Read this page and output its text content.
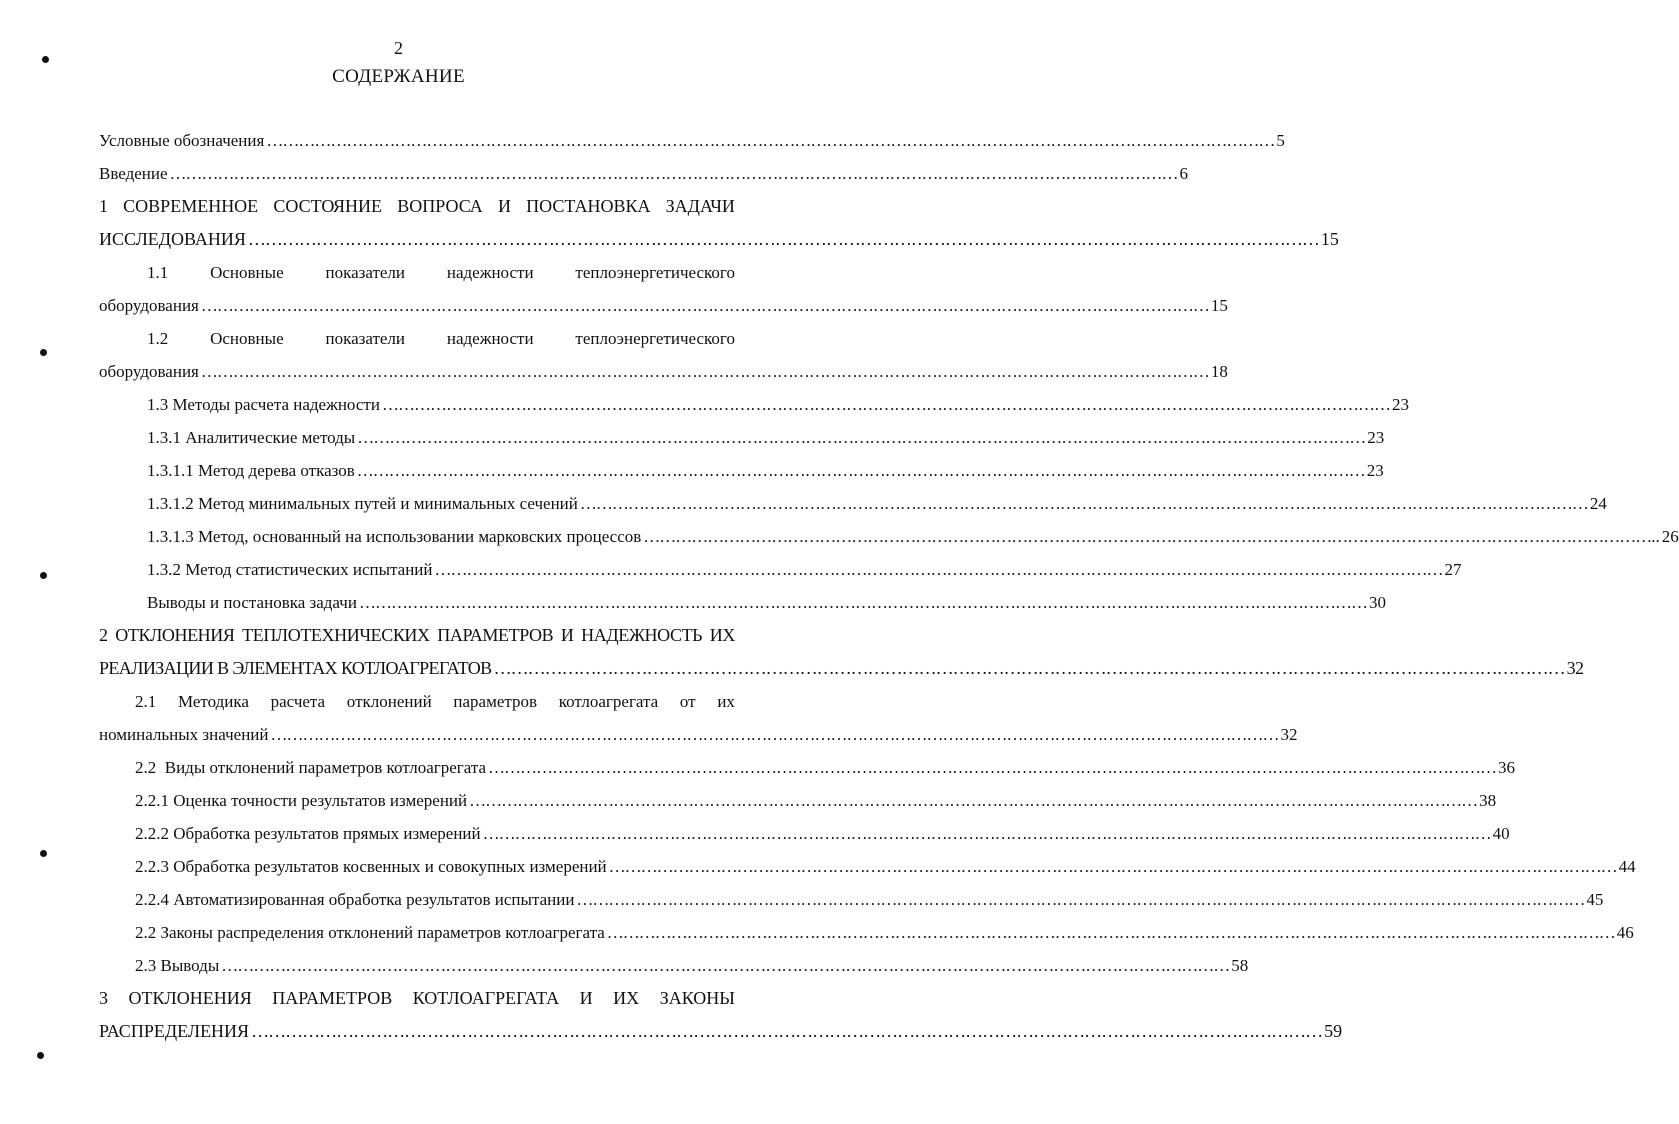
2
СОДЕРЖАНИЕ
Условные обозначения ………………………………………………………………………………………………………………………………………………………………………	5
Введение ………………………………………………………………………………………………………………………………………………………………………	6
1 СОВРЕМЕННОЕ СОСТОЯНИЕ ВОПРОСА И ПОСТАНОВКА ЗАДАЧИ
ИССЛЕДОВАНИЯ ………………………………………………………………………………………………………………………………………………………………………	15
1.1 Основные показатели надежности теплоэнергетического
оборудования ………………………………………………………………………………………………………………………………………………………………………	15
1.2 Основные показатели надежности теплоэнергетического
оборудования ………………………………………………………………………………………………………………………………………………………………………	18
1.3 Методы расчета надежности ………………………………………………………………………………………………………………………………………………………………………	23
1.3.1 Аналитические методы ………………………………………………………………………………………………………………………………………………………………………	23
1.3.1.1 Метод дерева отказов ………………………………………………………………………………………………………………………………………………………………………	23
1.3.1.2 Метод минимальных путей и минимальных сечений ………………………………………………………………………………………………………………………………………………………………………	24
1.3.1.3 Метод, основанный на использовании марковских процессов	……………………………………………………………………………………………………………………………………………………………………… .. 26
1.3.2 Метод статистических испытаний ………………………………………………………………………………………………………………………………………………………………………	27
Выводы и постановка задачи ………………………………………………………………………………………………………………………………………………………………………	30
2 ОТКЛОНЕНИЯ ТЕПЛОТЕХНИЧЕСКИХ ПАРАМЕТРОВ И НАДЕЖНОСТЬ ИХ
РЕАЛИЗАЦИИ В ЭЛЕМЕНТАХ КОТЛОАГРЕГАТОВ ………………………………………………………………………………………………………………………………………………………………………	32
2.1 Методика расчета отклонений параметров котлоагрегата от их
номинальных значений ………………………………………………………………………………………………………………………………………………………………………	32
2.2  Виды отклонений параметров котлоагрегата ………………………………………………………………………………………………………………………………………………………………………	36
2.2.1 Оценка точности результатов измерений ………………………………………………………………………………………………………………………………………………………………………	38
2.2.2 Обработка результатов прямых измерений ………………………………………………………………………………………………………………………………………………………………………	40
2.2.3 Обработка результатов косвенных и совокупных измерений ………………………………………………………………………………………………………………………………………………………………………	44
2.2.4 Автоматизированная обработка результатов испытании ………………………………………………………………………………………………………………………………………………………………………	45
2.2 Законы распределения отклонений параметров котлоагрегата ………………………………………………………………………………………………………………………………………………………………………	46
2.3 Выводы ………………………………………………………………………………………………………………………………………………………………………	58
3 ОТКЛОНЕНИЯ ПАРАМЕТРОВ КОТЛОАГРЕГАТА И ИХ ЗАКОНЫ
РАСПРЕДЕЛЕНИЯ ………………………………………………………………………………………………………………………………………………………………………	59
